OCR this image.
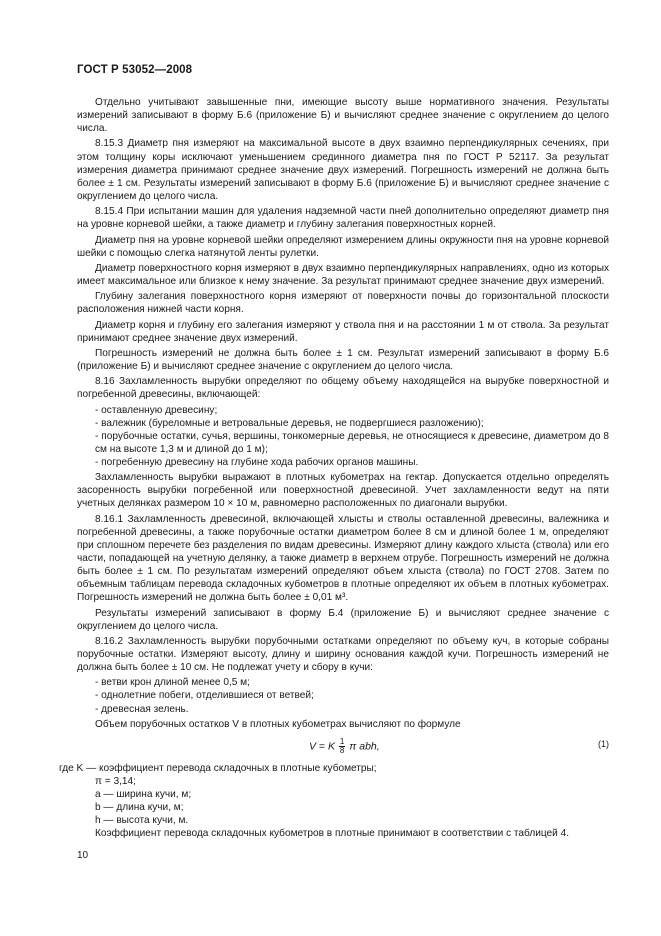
ГОСТ Р 53052—2008

Отдельно учитывают завышенные пни, имеющие высоту выше нормативного значения. Результаты измерений записывают в форму Б.6 (приложение Б) и вычисляют среднее значение с округлением до целого числа.

8.15.3 Диаметр пня измеряют на максимальной высоте в двух взаимно перпендикулярных сечениях, при этом толщину коры исключают уменьшением срединного диаметра пня по ГОСТ Р 52117. За результат измерения диаметра принимают среднее значение двух измерений. Погрешность измерений не должна быть более ± 1 см. Результаты измерений записывают в форму Б.6 (приложение Б) и вычисляют среднее значение с округлением до целого числа.

8.15.4 При испытании машин для удаления надземной части пней дополнительно определяют диаметр пня на уровне корневой шейки, а также диаметр и глубину залегания поверхностных корней.

Диаметр пня на уровне корневой шейки определяют измерением длины окружности пня на уровне корневой шейки с помощью слегка натянутой ленты рулетки.

Диаметр поверхностного корня измеряют в двух взаимно перпендикулярных направлениях, одно из которых имеет максимальное или близкое к нему значение. За результат принимают среднее значение двух измерений.

Глубину залегания поверхностного корня измеряют от поверхности почвы до горизонтальной плоскости расположения нижней части корня.

Диаметр корня и глубину его залегания измеряют у ствола пня и на расстоянии 1 м от ствола. За результат принимают среднее значение двух измерений.

Погрешность измерений не должна быть более ± 1 см. Результат измерений записывают в форму Б.6 (приложение Б) и вычисляют среднее значение с округлением до целого числа.

8.16 Захламленность вырубки определяют по общему объему находящейся на вырубке поверхностной и погребенной древесины, включающей:

- оставленную древесину;

- валежник (буреломные и ветровальные деревья, не подвергшиеся разложению);

- порубочные остатки, сучья, вершины, тонкомерные деревья, не относящиеся к древесине, диаметром до 8 см на высоте 1,3 м и длиной до 1 м);

- погребенную древесину на глубине хода рабочих органов машины.

Захламленность вырубки выражают в плотных кубометрах на гектар. Допускается отдельно определять засоренность вырубки погребенной или поверхностной древесиной. Учет захламленности ведут на пяти учетных делянках размером 10 × 10 м, равномерно расположенных по диагонали вырубки.

8.16.1 Захламленность древесиной, включающей хлысты и стволы оставленной древесины, валежника и погребенной древесины, а также порубочные остатки диаметром более 8 см и длиной более 1 м, определяют при сплошном перечете без разделения по видам древесины. Измеряют длину каждого хлыста (ствола) или его части, попадающей на учетную делянку, а также диаметр в верхнем отрубе. Погрешность измерений не должна быть более ± 1 см. По результатам измерений определяют объем хлыста (ствола) по ГОСТ 2708. Затем по объемным таблицам перевода складочных кубометров в плотные определяют их объем в плотных кубометрах. Погрешность измерений не должна быть более ± 0,01 м³.

Результаты измерений записывают в форму Б.4 (приложение Б) и вычисляют среднее значение с округлением до целого числа.

8.16.2 Захламленность вырубки порубочными остатками определяют по объему куч, в которые собраны порубочные остатки. Измеряют высоту, длину и ширину основания каждой кучи. Погрешность измерений не должна быть более ± 10 см. Не подлежат учету и сбору в кучи:

- ветви крон длиной менее 0,5 м;

- однолетние побеги, отделившиеся от ветвей;

- древесная зелень.

Объем порубочных остатков V в плотных кубометрах вычисляют по формуле

V = K $\frac{1}{8}$ π abh,	(1)

где K — коэффициент перевода складочных в плотные кубометры;

π = 3,14;

a — ширина кучи, м;

b — длина кучи, м;

h — высота кучи, м.

Коэффициент перевода складочных кубометров в плотные принимают в соответствии с таблицей 4.

10
